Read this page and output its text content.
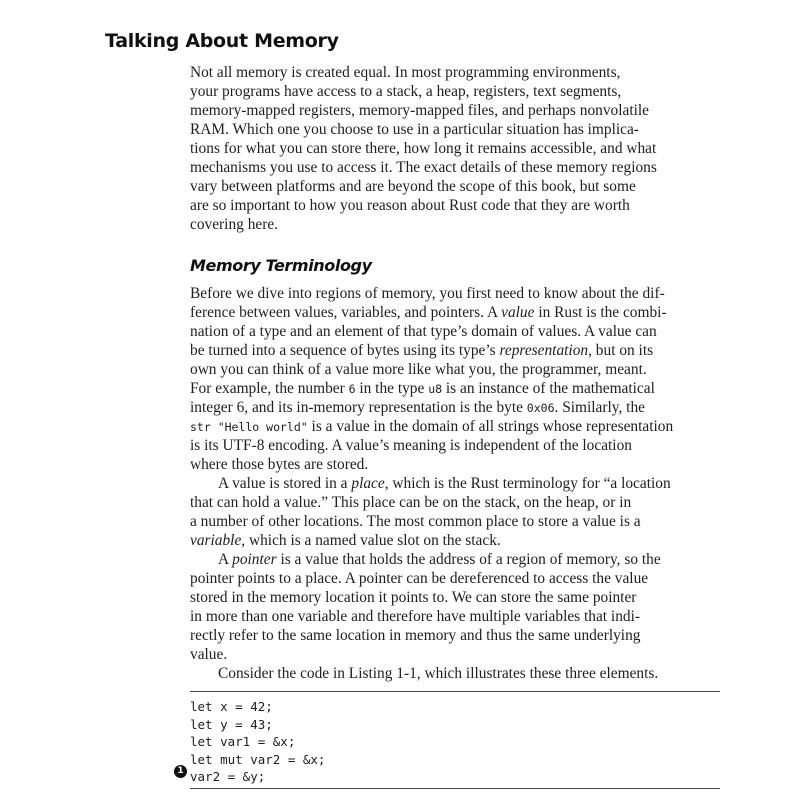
Talking About Memory
Not all memory is created equal. In most programming environments,
your programs have access to a stack, a heap, registers, text segments,
memory-mapped registers, memory-mapped files, and perhaps nonvolatile
RAM. Which one you choose to use in a particular situation has implica-
tions for what you can store there, how long it remains accessible, and what
mechanisms you use to access it. The exact details of these memory regions
vary between platforms and are beyond the scope of this book, but some
are so important to how you reason about Rust code that they are worth
covering here.
Memory Terminology
Before we dive into regions of memory, you first need to know about the dif-
ference between values, variables, and pointers. A value in Rust is the combi-
nation of a type and an element of that type’s domain of values. A value can
be turned into a sequence of bytes using its type’s representation, but on its
own you can think of a value more like what you, the programmer, meant.
For example, the number 6 in the type u8 is an instance of the mathematical
integer 6, and its in-memory representation is the byte 0x06. Similarly, the
str "Hello world" is a value in the domain of all strings whose representation
is its UTF-8 encoding. A value’s meaning is independent of the location
where those bytes are stored.
A value is stored in a place, which is the Rust terminology for “a location
that can hold a value.” This place can be on the stack, on the heap, or in
a number of other locations. The most common place to store a value is a
variable, which is a named value slot on the stack.
A pointer is a value that holds the address of a region of memory, so the
pointer points to a place. A pointer can be dereferenced to access the value
stored in the memory location it points to. We can store the same pointer
in more than one variable and therefore have multiple variables that indi-
rectly refer to the same location in memory and thus the same underlying
value.
Consider the code in Listing 1-1, which illustrates these three elements.
let x = 42;
let y = 43;
let var1 = &x;
let mut var2 = &x;
var2 = &y;
1
